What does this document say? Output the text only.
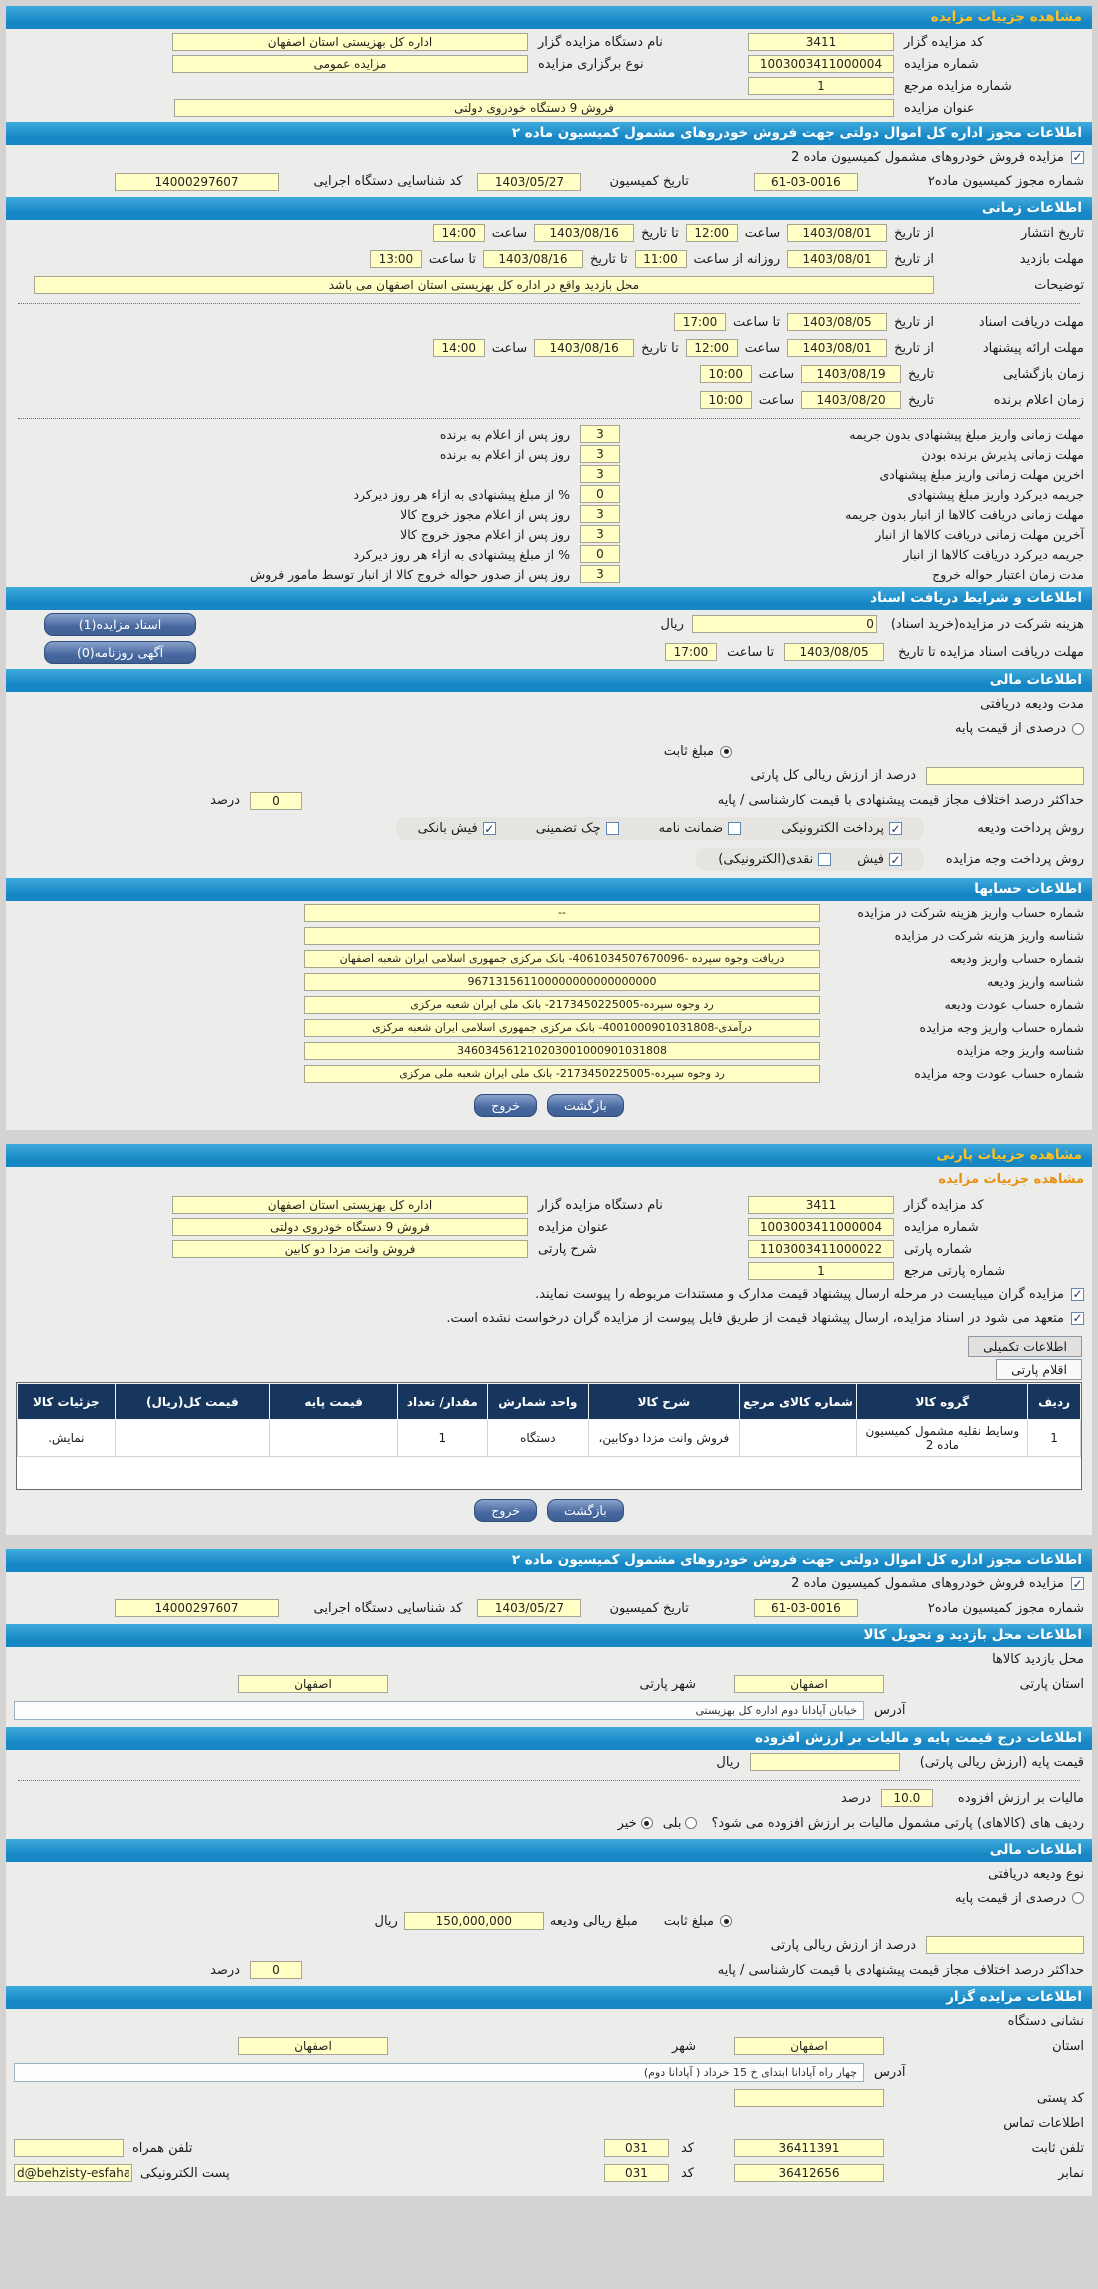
مشاهده جزییات مزایده
کد مزایده گزار
3411
نام دستگاه مزایده گزار
اداره کل بهزیستی استان اصفهان
شماره مزایده
1003003411000004
نوع برگزاری مزایده
مزایده عمومی
شماره مزایده مرجع
1
عنوان مزایده
فروش 9 دستگاه خودروی دولتی
اطلاعات مجوز اداره کل اموال دولتی جهت فروش خودروهای مشمول کمیسیون ماده ۲
✓
مزایده فروش خودروهای مشمول کمیسیون ماده 2
شماره مجوز کمیسیون ماده۲
61-03-0016
تاریخ کمیسیون
1403/05/27
کد شناسایی دستگاه اجرایی
14000297607
اطلاعات زمانی
تاریخ انتشار
از تاریخ
1403/08/01
ساعت
12:00
تا تاریخ
1403/08/16
ساعت
14:00
مهلت بازدید
از تاریخ
1403/08/01
روزانه از ساعت
11:00
تا تاریخ
1403/08/16
تا ساعت
13:00
توضیحات
محل بازدید واقع در اداره کل بهزیستی استان اصفهان می باشد
مهلت دریافت اسناد
از تاریخ
1403/08/05
تا ساعت
17:00
مهلت ارائه پیشنهاد
از تاریخ
1403/08/01
ساعت
12:00
تا تاریخ
1403/08/16
ساعت
14:00
زمان بازگشایی
تاریخ
1403/08/19
ساعت
10:00
زمان اعلام برنده
تاریخ
1403/08/20
ساعت
10:00
مهلت زمانی واریز مبلغ پیشنهادی بدون جریمه
3
روز پس از اعلام به برنده
مهلت زمانی پذیرش برنده بودن
3
روز پس از اعلام به برنده
اخرین مهلت زمانی واریز مبلغ پیشنهادی
3
جریمه دیرکرد واریز مبلغ پیشنهادی
0
% از مبلغ پیشنهادی به ازاء هر روز دیرکرد
مهلت زمانی دریافت کالاها از انبار بدون جریمه
3
روز پس از اعلام مجوز خروج کالا
آخرین مهلت زمانی دریافت کالاها از انبار
3
روز پس از اعلام مجوز خروج کالا
جریمه دیرکرد دریافت کالاها از انبار
0
% از مبلغ پیشنهادی به ازاء هر روز دیرکرد
مدت زمان اعتبار حواله خروج
3
روز پس از صدور حواله خروج کالا از انبار توسط مامور فروش
اطلاعات و شرایط دریافت اسناد
هزینه شرکت در مزایده(خرید اسناد)
0
ریال
اسناد مزایده(1)
مهلت دریافت اسناد مزایده تا تاریخ
1403/08/05
تا ساعت
17:00
آگهی روزنامه(0)
اطلاعات مالی
مدت ودیعه دریافتی
درصدی از قیمت پایه
مبلغ ثابت
درصد از ارزش ریالی کل پارتی
حداکثر درصد اختلاف مجاز قیمت پیشنهادی با قیمت کارشناسی / پایه
0
درصد
روش پرداخت ودیعه
✓
پرداخت الکترونیکی
ضمانت نامه
چک تضمینی
✓
فیش بانکی
روش پرداخت وجه مزایده
✓
فیش
نقدی(الکترونیکی)
اطلاعات حسابها
شماره حساب واریز هزینه شرکت در مزایده
--
شناسه واریز هزینه شرکت در مزایده
شماره حساب واریز ودیعه
دریافت وجوه سپرده -4061034507670096- بانک مرکزی جمهوری اسلامی ایران شعبه اصفهان
شناسه واریز ودیعه
967131561100000000000000000
شماره حساب عودت ودیعه
رد وجوه سپرده-2173450225005- بانک ملی ایران شعبه مرکزی
شماره حساب واریز وجه مزایده
درآمدی-4001000901031808- بانک مرکزی جمهوری اسلامی ایران شعبه مرکزی
شناسه واریز وجه مزایده
346034561210203001000901031808
شماره حساب عودت وجه مزایده
رد وجوه سپرده-2173450225005- بانک ملی ایران شعبه ملی مرکزی
بازگشت
خروج
مشاهده جزییات پارتی
مشاهده جزییات مزایده
کد مزایده گزار
3411
نام دستگاه مزایده گزار
اداره کل بهزیستی استان اصفهان
شماره مزایده
1003003411000004
عنوان مزایده
فروش 9 دستگاه خودروی دولتی
شماره پارتی
1103003411000022
شرح پارتی
فروش وانت مزدا دو کابین
شماره پارتی مرجع
1
✓
مزایده گران میبایست در مرحله ارسال پیشنهاد قیمت مدارک و مستندات مربوطه را پیوست نمایند.
✓
متعهد می شود در اسناد مزایده، ارسال پیشنهاد قیمت از طریق فایل پیوست از مزایده گران درخواست نشده است.
اطلاعات تکمیلی
اقلام پارتی
ردیف	گروه کالا	شماره کالای مرجع	شرح کالا	واحد شمارش	مقدار/ تعداد	قیمت پایه	قیمت کل(ریال)	جزئیات کالا
1	وسایط نقلیه مشمول کمیسیون ماده 2		فروش وانت مزدا دوکابین،	دستگاه	1			نمایش.

بازگشت
خروج
اطلاعات مجوز اداره کل اموال دولتی جهت فروش خودروهای مشمول کمیسیون ماده ۲
✓
مزایده فروش خودروهای مشمول کمیسیون ماده 2
شماره مجوز کمیسیون ماده۲
61-03-0016
تاریخ کمیسیون
1403/05/27
کد شناسایی دستگاه اجرایی
14000297607
اطلاعات محل بازدید و تحویل کالا
محل بازدید کالاها
استان پارتی
اصفهان
شهر پارتی
اصفهان
آدرس
خیابان آپادانا دوم اداره کل بهزیستی
اطلاعات درج قیمت پایه و مالیات بر ارزش افزوده
قیمت پایه (ارزش ریالی پارتی)
ریال
مالیات بر ارزش افزوده
10.0
درصد
ردیف های (کالاهای) پارتی مشمول مالیات بر ارزش افزوده می شود؟
بلی
خیر
اطلاعات مالی
نوع ودیعه دریافتی
درصدی از قیمت پایه
مبلغ ثابت
مبلغ ریالی ودیعه
150,000,000
ریال
درصد از ارزش ریالی پارتی
حداکثر درصد اختلاف مجاز قیمت پیشنهادی با قیمت کارشناسی / پایه
0
درصد
اطلاعات مزایده گزار
نشانی دستگاه
استان
اصفهان
شهر
اصفهان
آدرس
چهار راه آپادانا ابتدای خ 15 خرداد ( آپادانا دوم)
کد پستی
اطلاعات تماس
تلفن ثابت
36411391
کد
031
تلفن همراه
نمابر
36412656
کد
031
پست الکترونیکی
d@behzisty-esfaha
